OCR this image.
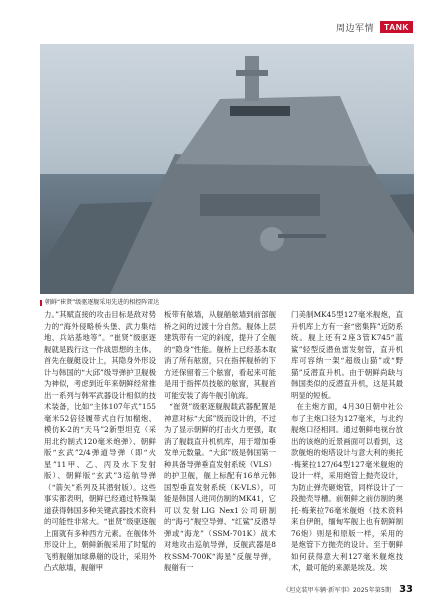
周边军情	TANK
朝鲜“崔贤”级驱逐舰采用先进的相控阵雷达
力。”其赋直接的攻击目标是敌对势力的“海外侵略桥头堡、武力集结地、兵站基地等”。“崔贤”级驱逐舰就是践行这一作战思想的主体。首先在舰艇设计上，其隐身外形设计与韩国的“大邱”级导弹护卫舰极为神似，考虑到近年来朝鲜经常推出一系列与韩军武器设计相似的技术装备，比如“主体107年式”155毫米52倍径履带式自行加榴炮、模仿K-2的“天马”2新型坦克（采用北约制式120毫米炮弹）、朝鲜版“玄武”2/4弹道导弹（即“火星”11甲、乙、丙及水下发射版）、朝鲜版“玄武”3巡航导弹（“箭矢”系列及其潜射版）。这些事实都表明，朝鲜已经通过特殊渠道获得韩国多种关键武器技术资料的可能性非常大。“崔贤”级驱逐舰上面就有多种西方元素。在舰体外形设计上，朝鲜新舰采用了时髦的飞剪舰艏加球鼻艏的设计，采用外凸式舷墙，舰艏甲
板带有舷墙，从舰艏舷墙到前部舰桥之间的过渡十分自然。舰体上层建筑带有一定的斜度，提升了全舰的“隐身”性能。舰桥上已经基本取消了所有舷窗，只在指挥舰桥的下方还保留着三个舷窗，看起来可能是用于指挥员技舷的舷窗，其舰首可能安装了海牛舰引航海。
“崔贤”级驱逐舰舰载武器配置是神意对标“大邱”级而设计的，不过为了显示朝鲜的打击火力更强，取消了舰载直升机机库，用于增加垂发单元数量。“大邱”级是韩国第一种具备导弹垂直发射系统（VLS）的护卫舰，舰上标配有16单元韩国型垂直发射系统（K-VLS），可能是韩国人进同仿制的MK41，它可以发射LIG Nex1公司研制的“海弓”舰空导弹、“红鲨”反潜导弹或“海龙”（SSM-701K）战术对地攻击巡航导弹，反舰武器是8枚SSM-700K“海星”反舰导弹，舰艏有一
门美制MK45型127毫米舰炮，直升机库上方有一套“密集阵”近防系统。舰上还有2座3管K745“蓝鲨”轻型反潜鱼雷发射管，直升机库可容纳一架“超级山猫”或“野猫”反潜直升机。由于朝鲜尚缺与韩国类似的反潜直升机，这是其最明显的短板。
在主炮方面，4月30日朝中社公布了主炮口径为127毫米，与北约舰炮口径相同。通过朝鲜电视台放出的该炮的近景画面可以看到，这款舰炮的炮塔设计与意大利的奥托·梅莱拉127/64型127毫米舰炮的设计一样，采用炮管上抛壳设计，为防止弹壳砸炮管，同样设计了一段抛壳导槽。前朝鲜之前仿制的奥托·梅莱拉76毫米舰炮（技术资料来自伊朗，缅甸军舰上也有朝鲜制76炮）则是和原版一样，采用的是炮管下方抛壳的设计。至于朝鲜如何获得意大利127毫米舰炮技术，最可能的来源是埃及。埃
《坦克装甲车辆·新军事》2025年第5期 33
